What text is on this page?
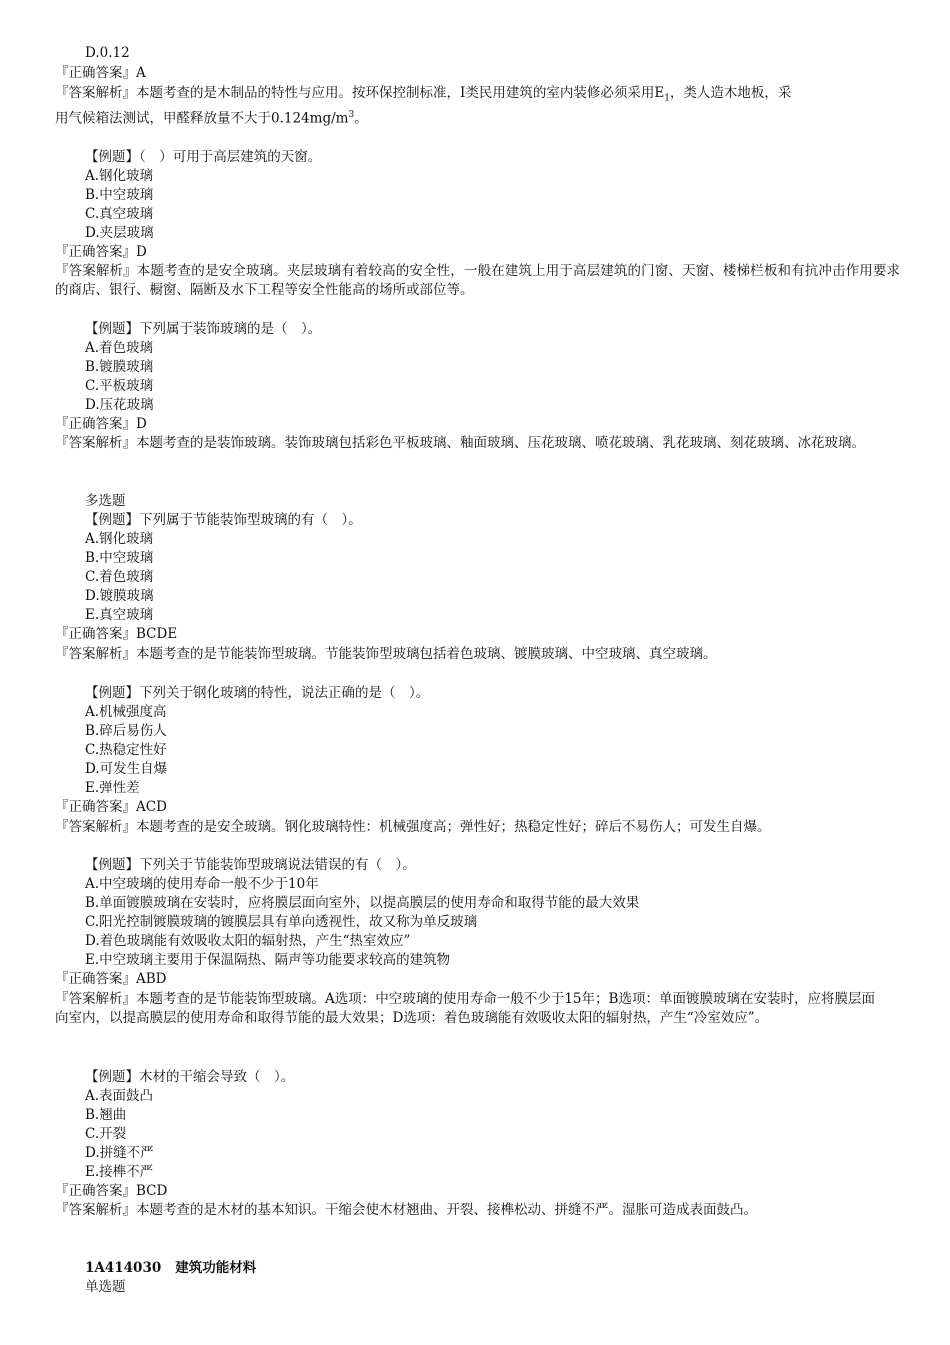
D.0.12
『正确答案』A
『答案解析』本题考查的是木制品的特性与应用。按环保控制标准，I类民用建筑的室内装修必须采用$E_1$，类人造木地板，采
用气候箱法测试，甲醛释放量不大于$0.124mg/m^3$。
【例题】（　）可用于高层建筑的天窗。
A.钢化玻璃
B.中空玻璃
C.真空玻璃
D.夹层玻璃
『正确答案』D
『答案解析』本题考查的是安全玻璃。夹层玻璃有着较高的安全性，一般在建筑上用于高层建筑的门窗、天窗、楼梯栏板和有抗冲击作用要求的商店、银行、橱窗、隔断及水下工程等安全性能高的场所或部位等。
【例题】下列属于装饰玻璃的是（　）。
A.着色玻璃
B.镀膜玻璃
C.平板玻璃
D.压花玻璃
『正确答案』D
『答案解析』本题考查的是装饰玻璃。装饰玻璃包括彩色平板玻璃、釉面玻璃、压花玻璃、喷花玻璃、乳花玻璃、刻花玻璃、冰花玻璃。
多选题
【例题】下列属于节能装饰型玻璃的有（　）。
A.钢化玻璃
B.中空玻璃
C.着色玻璃
D.镀膜玻璃
E.真空玻璃
『正确答案』BCDE
『答案解析』本题考查的是节能装饰型玻璃。节能装饰型玻璃包括着色玻璃、镀膜玻璃、中空玻璃、真空玻璃。
【例题】下列关于钢化玻璃的特性，说法正确的是（　）。
A.机械强度高
B.碎后易伤人
C.热稳定性好
D.可发生自爆
E.弹性差
『正确答案』ACD
『答案解析』本题考查的是安全玻璃。钢化玻璃特性：机械强度高；弹性好；热稳定性好；碎后不易伤人；可发生自爆。
【例题】下列关于节能装饰型玻璃说法错误的有（　）。
A.中空玻璃的使用寿命一般不少于10年
B.单面镀膜玻璃在安装时，应将膜层面向室外，以提高膜层的使用寿命和取得节能的最大效果
C.阳光控制镀膜玻璃的镀膜层具有单向透视性，故又称为单反玻璃
D.着色玻璃能有效吸收太阳的辐射热，产生“热室效应”
E.中空玻璃主要用于保温隔热、隔声等功能要求较高的建筑物
『正确答案』ABD
『答案解析』本题考查的是节能装饰型玻璃。A选项：中空玻璃的使用寿命一般不少于15年；B选项：单面镀膜玻璃在安装时，应将膜层面向室内，以提高膜层的使用寿命和取得节能的最大效果；D选项：着色玻璃能有效吸收太阳的辐射热，产生“冷室效应”。
【例题】木材的干缩会导致（　）。
A.表面鼓凸
B.翘曲
C.开裂
D.拼缝不严
E.接榫不严
『正确答案』BCD
『答案解析』本题考查的是木材的基本知识。干缩会使木材翘曲、开裂、接榫松动、拼缝不严。湿胀可造成表面鼓凸。
1A414030 建筑功能材料
单选题
